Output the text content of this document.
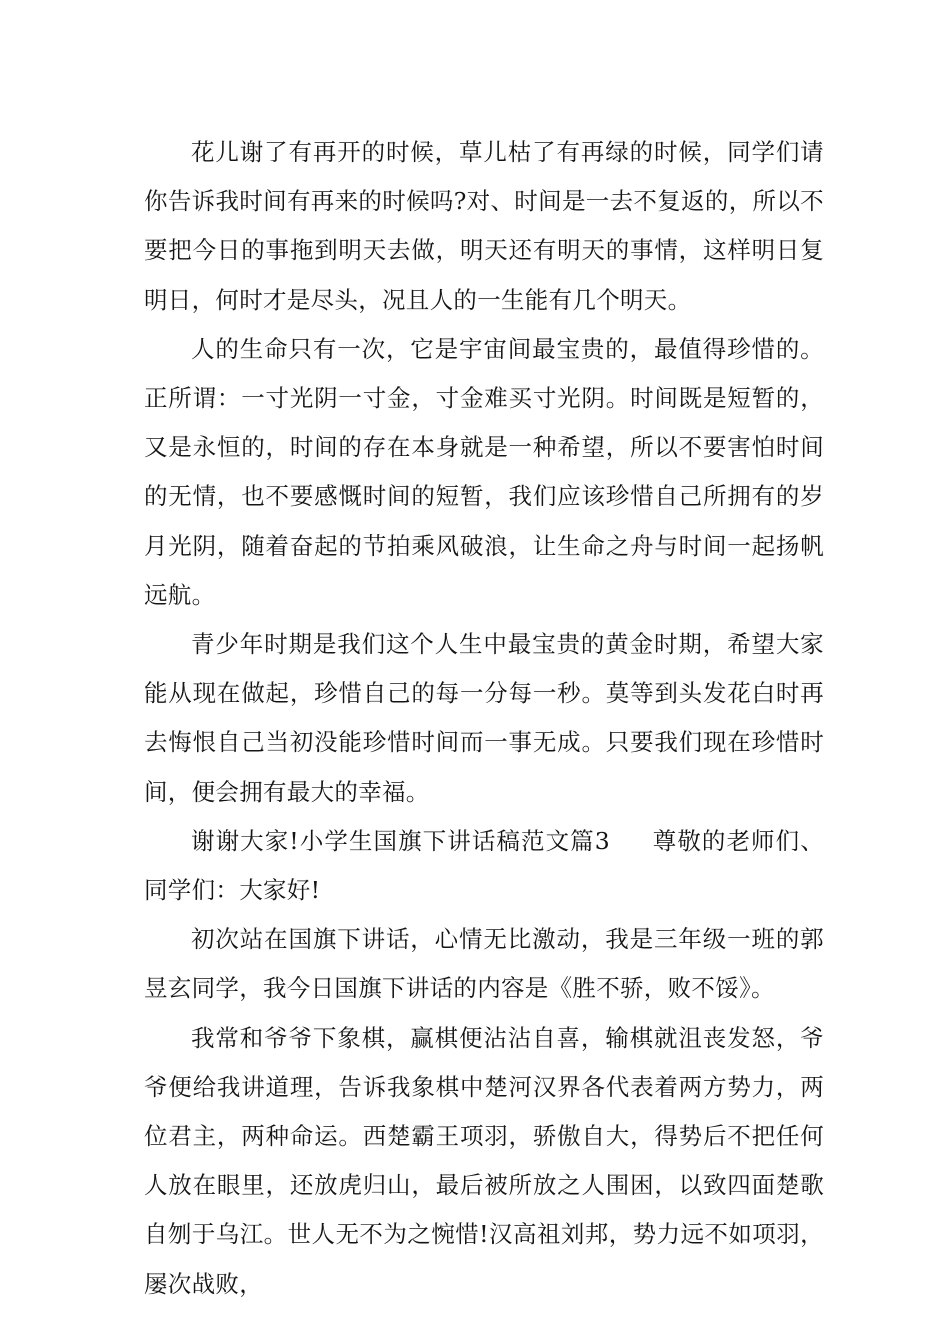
花儿谢了有再开的时候，草儿枯了有再绿的时候，同学们请你告诉我时间有再来的时候吗?对、时间是一去不复返的，所以不要把今日的事拖到明天去做，明天还有明天的事情，这样明日复明日，何时才是尽头，况且人的一生能有几个明天。

人的生命只有一次，它是宇宙间最宝贵的，最值得珍惜的。正所谓：一寸光阴一寸金，寸金难买寸光阴。时间既是短暂的，又是永恒的，时间的存在本身就是一种希望，所以不要害怕时间的无情，也不要感慨时间的短暂，我们应该珍惜自己所拥有的岁月光阴，随着奋起的节拍乘风破浪，让生命之舟与时间一起扬帆远航。

青少年时期是我们这个人生中最宝贵的黄金时期，希望大家能从现在做起，珍惜自己的每一分每一秒。莫等到头发花白时再去悔恨自己当初没能珍惜时间而一事无成。只要我们现在珍惜时间，便会拥有最大的幸福。

谢谢大家!小学生国旗下讲话稿范文篇3 尊敬的老师们、同学们：大家好!

初次站在国旗下讲话，心情无比激动，我是三年级一班的郭昱玄同学，我今日国旗下讲话的内容是《胜不骄，败不馁》。

我常和爷爷下象棋，赢棋便沾沾自喜，输棋就沮丧发怒，爷爷便给我讲道理，告诉我象棋中楚河汉界各代表着两方势力，两位君主，两种命运。西楚霸王项羽，骄傲自大，得势后不把任何人放在眼里，还放虎归山，最后被所放之人围困，以致四面楚歌自刎于乌江。世人无不为之惋惜!汉高祖刘邦，势力远不如项羽，屡次战败，
